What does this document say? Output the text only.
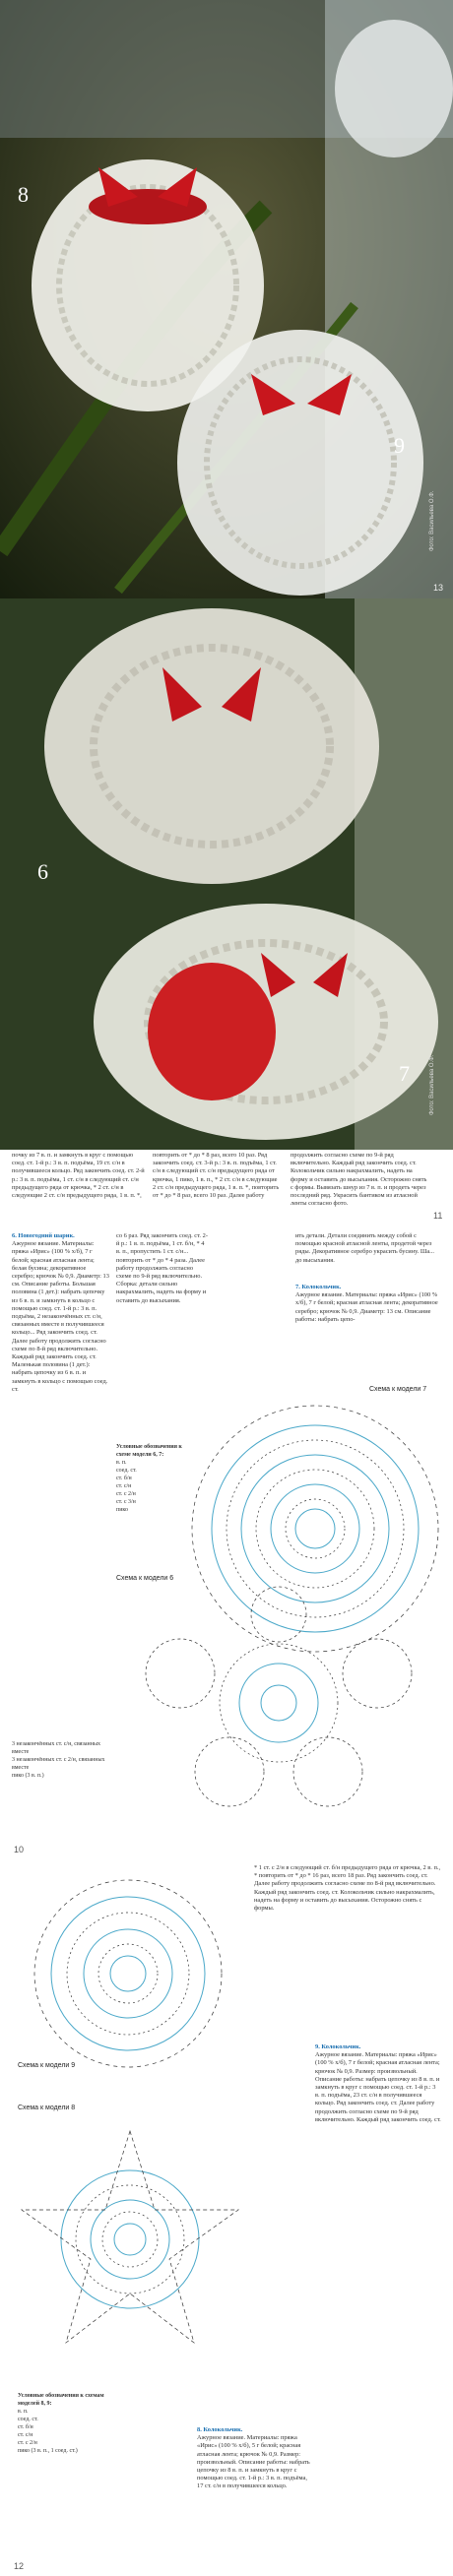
8
9
Фото: Васильева О.Ф.
13
6
7	Фото: Васильева О.Ф.
почку из 7 в. п. и замкнуть в круг с помощью соед. ст. 1-й р.: 3 в. п. подъёма, 19 ст. с/н в получившееся кольцо. Ряд закончить соед. ст. 2-й р.: 3 в. п. подъёма, 1 ст. с/н в следующий ст. с/н предыдущего ряда от крючка, * 2 ст. с/н в следующие 2 ст. с/н предыдущего ряда, 1 в. п. *,
повторить от * до * 8 раз, всего 10 раз. Ряд закончить соед. ст. 3-й р.: 3 в. п. подъёма, 1 ст. с/н в следующий ст. с/н предыдущего ряда от крючка, 1 пико, 1 в. п., * 2 ст. с/н в следующие 2 ст. с/н предыдущего ряда, 1 в. п. *, повторить от * до * 8 раз, всего 10 раз. Далее работу
продолжить согласно схеме по 9-й ряд включительно. Каждый ряд закончить соед. ст. Колокольчик сильно накрахмалить, надеть на форму и оставить до высыхания. Осторожно снять с формы. Вывязать шнур из 7 в. п. и продеть через последний ряд. Украсить бантиком из атласной ленты согласно фото.
11
6. Новогодний шарик.
Ажурное вязание. Материалы: пряжа «Ирис» (100 % х/б), 7 г белой; красная атласная лента; белая бусина; декоративное серебро; крючок № 0,9. Диаметр: 13 см. Описание работы. Большая половина (1 дет.): набрать цепочку из 6 в. п. и замкнуть в кольцо с помощью соед. ст. 1-й р.: 3 в. п. подъёма, 2 незакончённых ст. с/н, связанных вместе в получившееся кольцо... Ряд закончить соед. ст. Далее работу продолжить согласно схеме по 8-й ряд включительно. Каждый ряд закончить соед. ст. Маленькая половина (1 дет.): набрать цепочку из 6 в. п. и замкнуть в кольцо с помощью соед. ст.
со 6 раз. Ряд закончить соед. ст. 2-й р.: 1 в. п. подъёма, 1 ст. б/н, * 4 в. п., пропустить 1 ст. с/н... повторить от * до * 4 раза. Далее работу продолжить согласно схеме по 9-й ряд включительно. Сборка: детали сильно накрахмалить, надеть на форму и оставить до высыхания.
ить детали. Детали соединить между собой с помощью красной атласной ленты, продетой через ряды. Декоративное серебро украсить бусину. Ша... до высыхания.
7. Колокольчик.
Ажурное вязание. Материалы: пряжа «Ирис» (100 % х/б), 7 г белой; красная атласная лента; декоративное серебро; крючок № 0,9. Диаметр: 13 см. Описание работы: набрать цепо-
Условные обозначения к схеме модели 6, 7:
в. п.
соед. ст.
ст. б/н
ст. с/н
ст. с 2/н
ст. с 3/н
пико
Схема к модели 7
Схема к модели 6
3 незакончённых ст. с/н, связанных вместе
3 незакончённых ст. с 2/н, связанных вместе
пико (3 в. п.)
10
Схема к модели 9
Схема к модели 8
Условные обозначения к схемам моделей 8, 9:
в. п.
соед. ст.
ст. б/н
ст. с/н
ст. с 2/н
пико (3 в. п., 1 соед. ст.)
* 1 ст. с 2/н в следующий ст. б/н предыдущего ряда от крючка, 2 в. п., * повторить от * до * 16 раз, всего 18 раз. Ряд закончить соед. ст. Далее работу продолжить согласно схеме по 8-й ряд включительно. Каждый ряд закончить соед. ст. Колокольчик сильно накрахмалить, надеть на форму и оставить до высыхания. Осторожно снять с формы.
9. Колокольчик.
Ажурное вязание. Материалы: пряжа «Ирис» (100 % х/б), 7 г белой; красная атласная лента; крючок № 0,9. Размер: произвольный. Описание работы: набрать цепочку из 8 в. п. и замкнуть в круг с помощью соед. ст. 1-й р.: 3 в. п. подъёма, 23 ст. с/н в получившееся кольцо. Ряд закончить соед. ст. Далее работу продолжить согласно схеме по 9-й ряд включительно. Каждый ряд закончить соед. ст.
8. Колокольчик.
Ажурное вязание. Материалы: пряжа «Ирис» (100 % х/б), 5 г белой; красная атласная лента; крючок № 0,9. Размер: произвольный. Описание работы: набрать цепочку из 8 в. п. и замкнуть в круг с помощью соед. ст. 1-й р.: 3 в. п. подъёма, 17 ст. с/н в получившееся кольцо.
12
